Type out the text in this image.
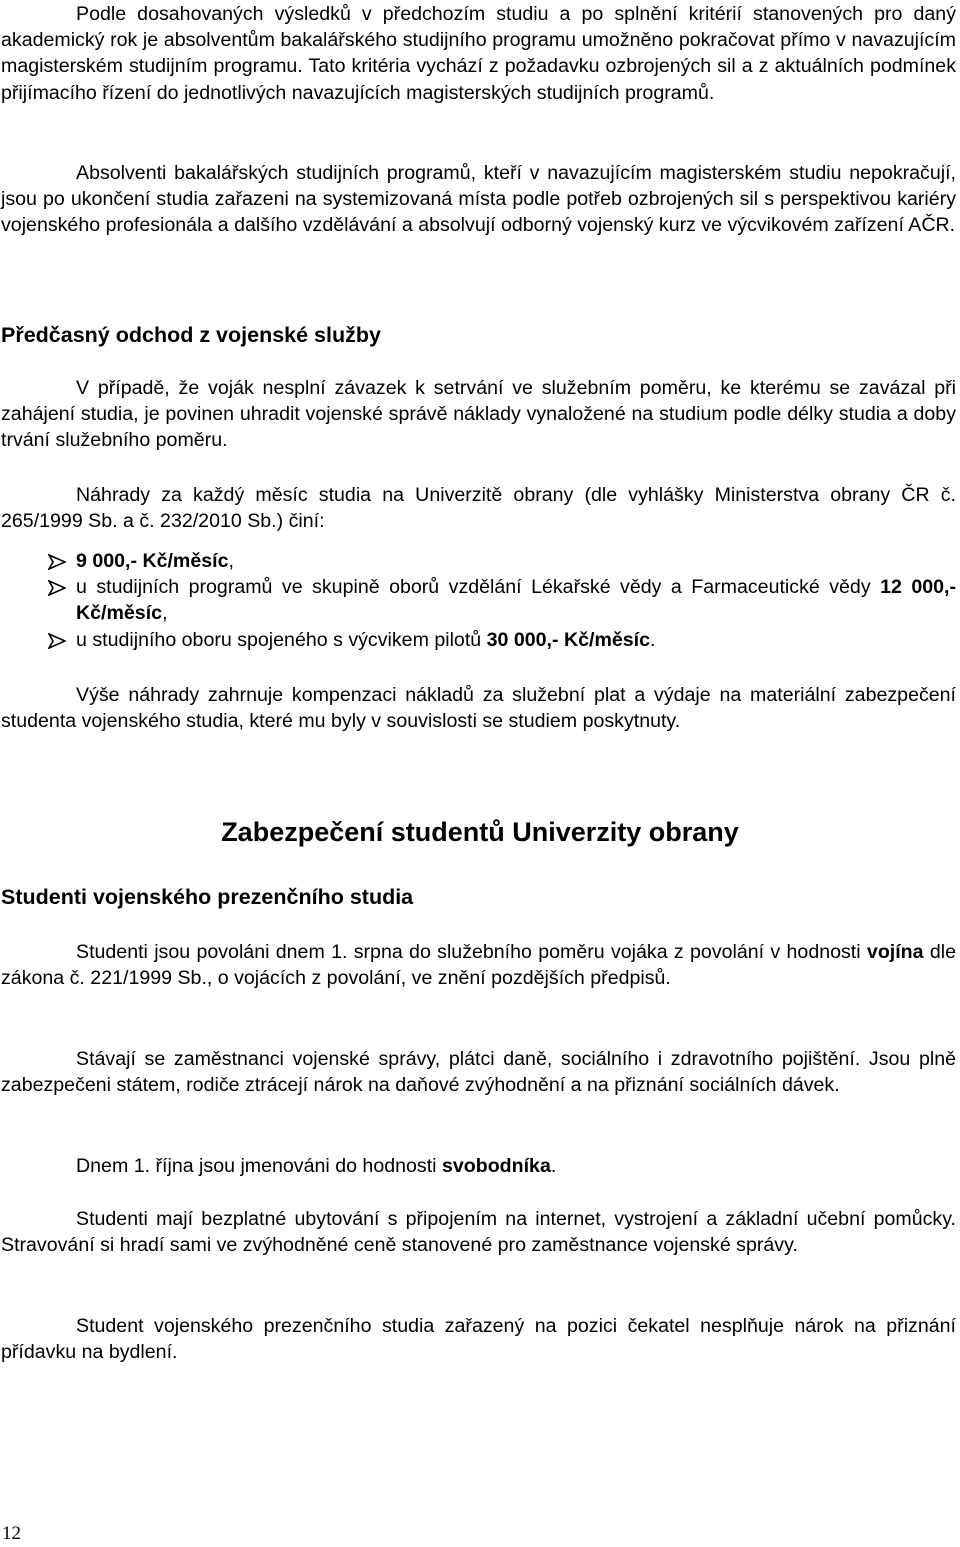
Podle dosahovaných výsledků v předchozím studiu a po splnění kritérií stanovených pro daný akademický rok je absolventům bakalářského studijního programu umožněno pokračovat přímo v navazujícím magisterském studijním programu. Tato kritéria vychází z požadavku ozbrojených sil a z aktuálních podmínek přijímacího řízení do jednotlivých navazujících magisterských studijních programů.

Absolventi bakalářských studijních programů, kteří v navazujícím magisterském studiu nepokračují, jsou po ukončení studia zařazeni na systemizovaná místa podle potřeb ozbrojených sil s perspektivou kariéry vojenského profesionála a dalšího vzdělávání a absolvují odborný vojenský kurz ve výcvikovém zařízení AČR.

Předčasný odchod z vojenské služby

V případě, že voják nesplní závazek k setrvání ve služebním poměru, ke kterému se zavázal při zahájení studia, je povinen uhradit vojenské správě náklady vynaložené na studium podle délky studia a doby trvání služebního poměru.

Náhrady za každý měsíc studia na Univerzitě obrany (dle vyhlášky Ministerstva obrany ČR č. 265/1999 Sb. a č. 232/2010 Sb.) činí:

9 000,- Kč/měsíc,
u studijních programů ve skupině oborů vzdělání Lékařské vědy a Farmaceutické vědy 12 000,- Kč/měsíc,
u studijního oboru spojeného s výcvikem pilotů 30 000,- Kč/měsíc.

Výše náhrady zahrnuje kompenzaci nákladů za služební plat a výdaje na materiální zabezpečení studenta vojenského studia, které mu byly v souvislosti se studiem poskytnuty.

Zabezpečení studentů Univerzity obrany
Studenti vojenského prezenčního studia

Studenti jsou povoláni dnem 1. srpna do služebního poměru vojáka z povolání v hodnosti vojína dle zákona č. 221/1999 Sb., o vojácích z povolání, ve znění pozdějších předpisů.

Stávají se zaměstnanci vojenské správy, plátci daně, sociálního i zdravotního pojištění. Jsou plně zabezpečeni státem, rodiče ztrácejí nárok na daňové zvýhodnění a na přiznání sociálních dávek.

Dnem 1. října jsou jmenováni do hodnosti svobodníka.

Studenti mají bezplatné ubytování s připojením na internet, vystrojení a základní učební pomůcky. Stravování si hradí sami ve zvýhodněné ceně stanovené pro zaměstnance vojenské správy.

Student vojenského prezenčního studia zařazený na pozici čekatel nesplňuje nárok na přiznání přídavku na bydlení.

12
